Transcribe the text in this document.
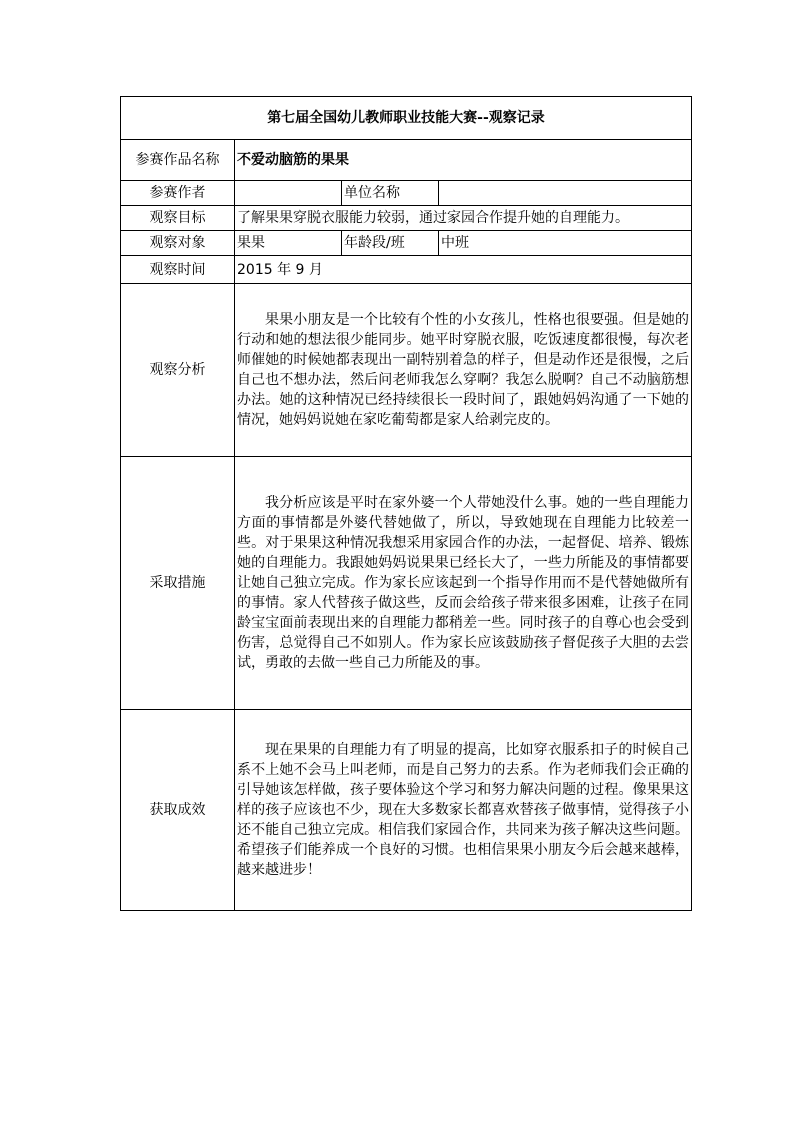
第七届全国幼儿教师职业技能大赛--观察记录			
参赛作品名称	不爱动脑筋的果果		
参赛作者		单位名称	
观察目标	了解果果穿脱衣服能力较弱，通过家园合作提升她的自理能力。		
观察对象	果果	年龄段/班	中班
观察时间	2015 年 9 月		
观察分析	果果小朋友是一个比较有个性的小女孩儿，性格也很要强。但是她的行动和她的想法很少能同步。她平时穿脱衣服，吃饭速度都很慢，每次老师催她的时候她都表现出一副特别着急的样子，但是动作还是很慢，之后自己也不想办法，然后问老师我怎么穿啊？我怎么脱啊？自己不动脑筋想办法。她的这种情况已经持续很长一段时间了，跟她妈妈沟通了一下她的情况，她妈妈说她在家吃葡萄都是家人给剥完皮的。		
采取措施	我分析应该是平时在家外婆一个人带她没什么事。她的一些自理能力方面的事情都是外婆代替她做了，所以，导致她现在自理能力比较差一些。对于果果这种情况我想采用家园合作的办法，一起督促、培养、锻炼她的自理能力。我跟她妈妈说果果已经长大了，一些力所能及的事情都要让她自己独立完成。作为家长应该起到一个指导作用而不是代替她做所有的事情。家人代替孩子做这些，反而会给孩子带来很多困难，让孩子在同龄宝宝面前表现出来的自理能力都稍差一些。同时孩子的自尊心也会受到伤害，总觉得自己不如别人。作为家长应该鼓励孩子督促孩子大胆的去尝试，勇敢的去做一些自己力所能及的事。		
获取成效	现在果果的自理能力有了明显的提高，比如穿衣服系扣子的时候自己系不上她不会马上叫老师，而是自己努力的去系。作为老师我们会正确的引导她该怎样做，孩子要体验这个学习和努力解决问题的过程。像果果这样的孩子应该也不少，现在大多数家长都喜欢替孩子做事情，觉得孩子小还不能自己独立完成。相信我们家园合作，共同来为孩子解决这些问题。希望孩子们能养成一个良好的习惯。也相信果果小朋友今后会越来越棒，越来越进步！		
